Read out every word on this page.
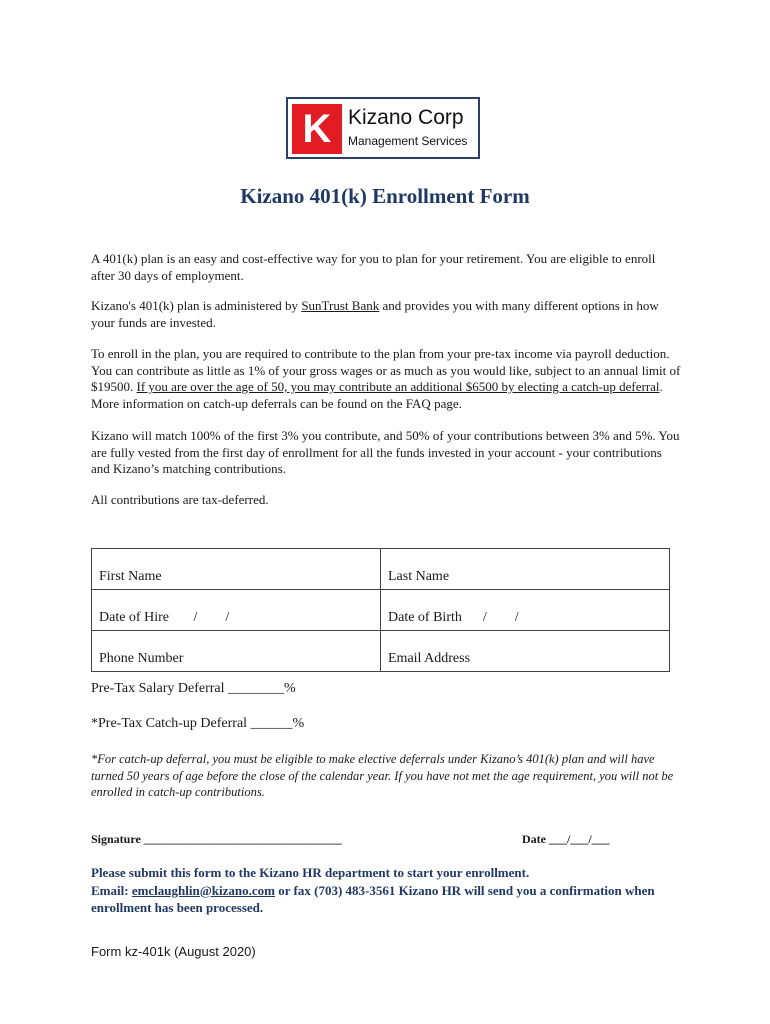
K Kizano Corp
Management Services
Kizano 401(k) Enrollment Form

A 401(k) plan is an easy and cost-effective way for you to plan for your retirement. You are eligible to enroll after 30 days of employment.

Kizano's 401(k) plan is administered by SunTrust Bank and provides you with many different options in how your funds are invested.

To enroll in the plan, you are required to contribute to the plan from your pre-tax income via payroll deduction. You can contribute as little as 1% of your gross wages or as much as you would like, subject to an annual limit of $19500. If you are over the age of 50, you may contribute an additional $6500 by electing a catch-up deferral. More information on catch-up deferrals can be found on the FAQ page.

Kizano will match 100% of the first 3% you contribute, and 50% of your contributions between 3% and 5%. You are fully vested from the first day of enrollment for all the funds invested in your account - your contributions and Kizano’s matching contributions.

All contributions are tax-deferred.

First Name	Last Name
Date of Hire       /        /	Date of Birth      /        /
Phone Number	Email Address

Pre-Tax Salary Deferral ________%

*Pre-Tax Catch-up Deferral ______%

*For catch-up deferral, you must be eligible to make elective deferrals under Kizano’s 401(k) plan and will have turned 50 years of age before the close of the calendar year. If you have not met the age requirement, you will not be enrolled in catch-up contributions.

Signature _________________________________	Date ___/___/___

Please submit this form to the Kizano HR department to start your enrollment.
Email: emclaughlin@kizano.com or fax (703) 483-3561 Kizano HR will send you a confirmation when enrollment has been processed.

Form kz-401k (August 2020)
